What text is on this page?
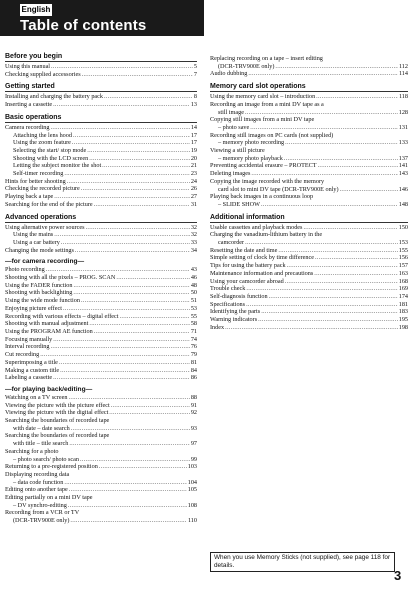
English
Table of contents
Before you begin
Using this manual .....	5
Checking supplied accessories .....	7
Getting started
Installing and charging the battery pack .....	8
Inserting a cassette .....	13
Basic operations
Camera recording .....	14
Attaching the lens hood .....	17
Using the zoom feature .....	17
Selecting the start/ stop mode .....	19
Shooting with the LCD screen .....	20
Letting the subject monitor the shot .....	21
Self-timer recording .....	23
Hints for better shooting .....	24
Checking the recorded picture .....	26
Playing back a tape .....	27
Searching for the end of the picture .....	31
Advanced operations
Using alternative power sources .....	32
Using the mains .....	32
Using a car battery .....	33
Changing the mode settings .....	34
—for camera recording—
Photo recording .....	43
Shooting with all the pixels – PROG. SCAN .....	46
Using the FADER function .....	48
Shooting with backlighting .....	50
Using the wide mode function .....	51
Enjoying picture effect .....	53
Recording with various effects – digital effect .....	55
Shooting with manual adjustment .....	58
Using the PROGRAM AE function .....	71
Focusing manually .....	74
Interval recording .....	76
Cut recording .....	79
Superimposing a title .....	81
Making a custom title .....	84
Labeling a cassette .....	86
—for playing back/editing—
Watching on a TV screen .....	88
Viewing the picture with the picture effect .....	91
Viewing the picture with the digital effect .....	92
Searching the boundaries of recorded tape
with date – date search .....	93
Searching the boundaries of recorded tape
with title – title search .....	97
Searching for a photo
– photo search/ photo scan .....	99
Returning to a pre-registered position .....	103
Displaying recording data
– data code function .....	104
Editing onto another tape .....	105
Editing partially on a mini DV tape
– DV synchro-editing .....	108
Recording from a VCR or TV
(DCR-TRV900E only) .....	110
Replacing recording on a tape – insert editing
(DCR-TRV900E only) .....	112
Audio dubbing .....	114
Memory card slot operations
Using the memory card slot – introduction .....	118
Recording an image from a mini DV tape as a
still image .....	128
Copying still images from a mini DV tape
– photo save .....	131
Recording still images on PC cards (not supplied)
– memory photo recording .....	133
Viewing a still picture
– memory photo playback .....	137
Preventing accidental erasure – PROTECT .....	141
Deleting images .....	143
Copying the image recorded with the memory
card slot to mini DV tape (DCR-TRV900E only) .....	146
Playing back images in a continuous loop
– SLIDE SHOW .....	148
Additional information
Usable cassettes and playback modes .....	150
Charging the vanadium-lithium battery in the
camcorder .....	153
Resetting the date and time .....	155
Simple setting of clock by time difference .....	156
Tips for using the battery pack .....	157
Maintenance information and precautions .....	163
Using your camcorder abroad .....	168
Trouble check .....	169
Self-diagnosis function .....	174
Specifications .....	181
Identifying the parts .....	183
Warning indicators .....	195
Index .....	198
When you use Memory Sticks (not supplied), see page 118 for details.
3
